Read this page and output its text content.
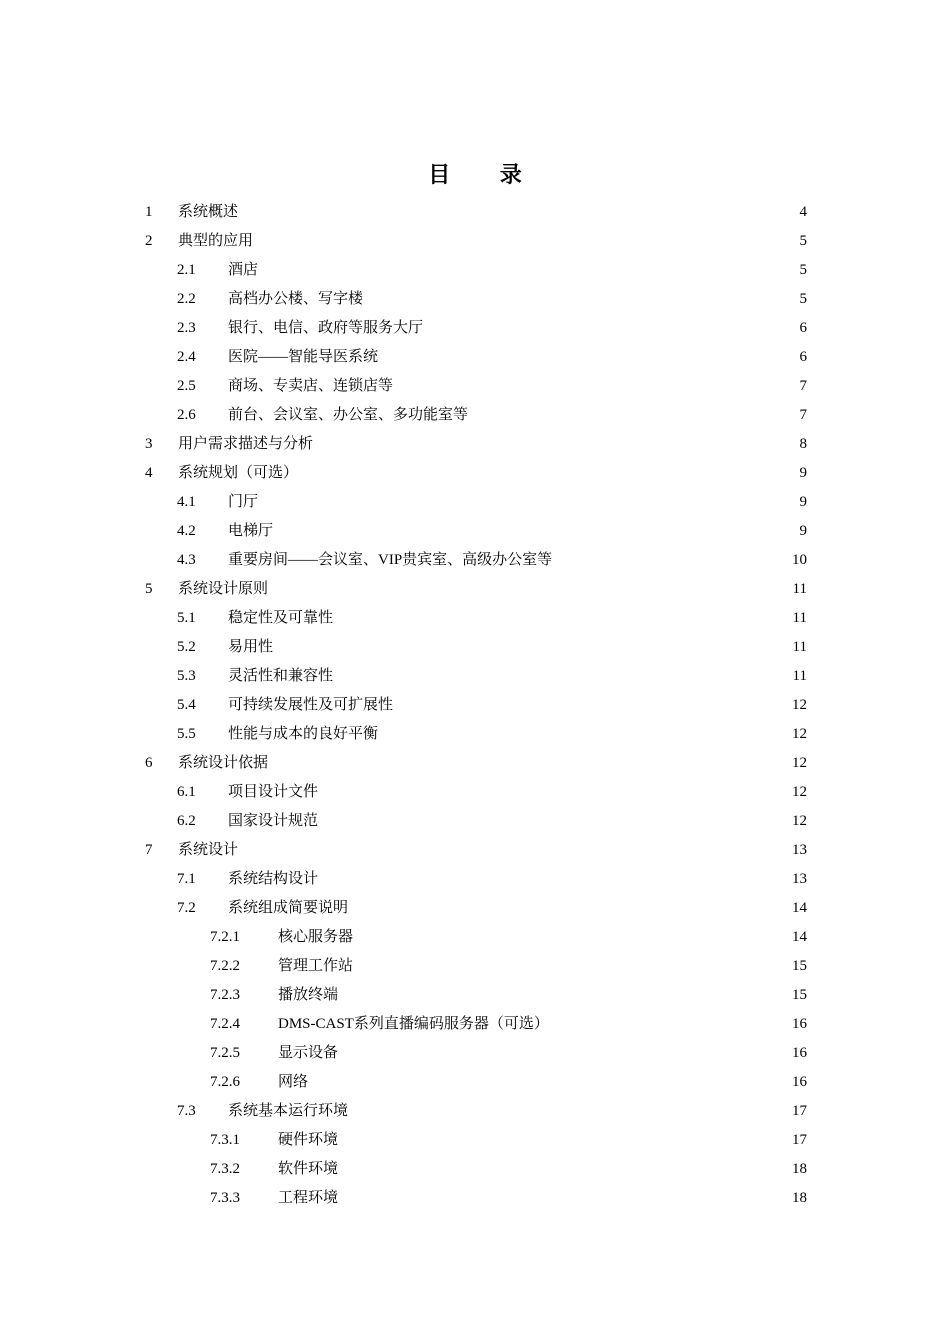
目 录
1	系统概述	4
2	典型的应用	5
2.1	酒店	5
2.2	高档办公楼、写字楼	5
2.3	银行、电信、政府等服务大厅	6
2.4	医院——智能导医系统	6
2.5	商场、专卖店、连锁店等	7
2.6	前台、会议室、办公室、多功能室等	7
3	用户需求描述与分析	8
4	系统规划（可选）	9
4.1	门厅	9
4.2	电梯厅	9
4.3	重要房间——会议室、VIP贵宾室、高级办公室等	10
5	系统设计原则	11
5.1	稳定性及可靠性	11
5.2	易用性	11
5.3	灵活性和兼容性	11
5.4	可持续发展性及可扩展性	12
5.5	性能与成本的良好平衡	12
6	系统设计依据	12
6.1	项目设计文件	12
6.2	国家设计规范	12
7	系统设计	13
7.1	系统结构设计	13
7.2	系统组成简要说明	14
7.2.1	核心服务器	14
7.2.2	管理工作站	15
7.2.3	播放终端	15
7.2.4	DMS-CAST系列直播编码服务器（可选）	16
7.2.5	显示设备	16
7.2.6	网络	16
7.3	系统基本运行环境	17
7.3.1	硬件环境	17
7.3.2	软件环境	18
7.3.3	工程环境	18
